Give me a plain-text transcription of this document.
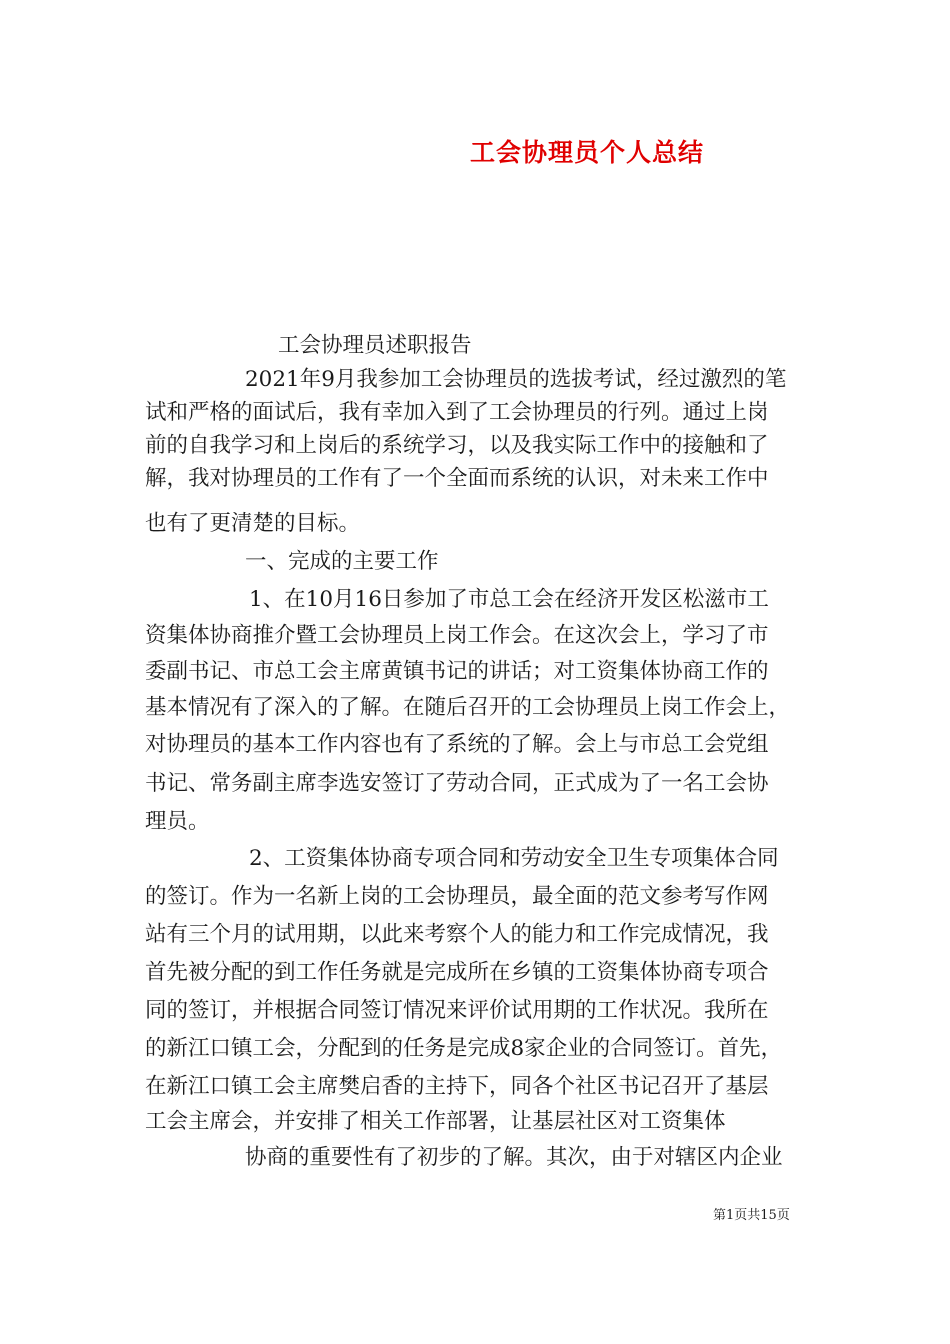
工会协理员个人总结
工会协理员述职报告
2021年9月我参加工会协理员的选拔考试，经过激烈的笔
试和严格的面试后，我有幸加入到了工会协理员的行列。通过上岗
前的自我学习和上岗后的系统学习，以及我实际工作中的接触和了
解，我对协理员的工作有了一个全面而系统的认识，对未来工作中
也有了更清楚的目标。
一、完成的主要工作
1、在10月16日参加了市总工会在经济开发区松滋市工
资集体协商推介暨工会协理员上岗工作会。在这次会上，学习了市
委副书记、市总工会主席黄镇书记的讲话；对工资集体协商工作的
基本情况有了深入的了解。在随后召开的工会协理员上岗工作会上，
对协理员的基本工作内容也有了系统的了解。会上与市总工会党组
书记、常务副主席李选安签订了劳动合同，正式成为了一名工会协
理员。
2、工资集体协商专项合同和劳动安全卫生专项集体合同
的签订。作为一名新上岗的工会协理员，最全面的范文参考写作网
站有三个月的试用期，以此来考察个人的能力和工作完成情况，我
首先被分配的到工作任务就是完成所在乡镇的工资集体协商专项合
同的签订，并根据合同签订情况来评价试用期的工作状况。我所在
的新江口镇工会，分配到的任务是完成8家企业的合同签订。首先，
在新江口镇工会主席樊启香的主持下，同各个社区书记召开了基层
工会主席会，并安排了相关工作部署，让基层社区对工资集体
协商的重要性有了初步的了解。其次，由于对辖区内企业
第1页共15页
